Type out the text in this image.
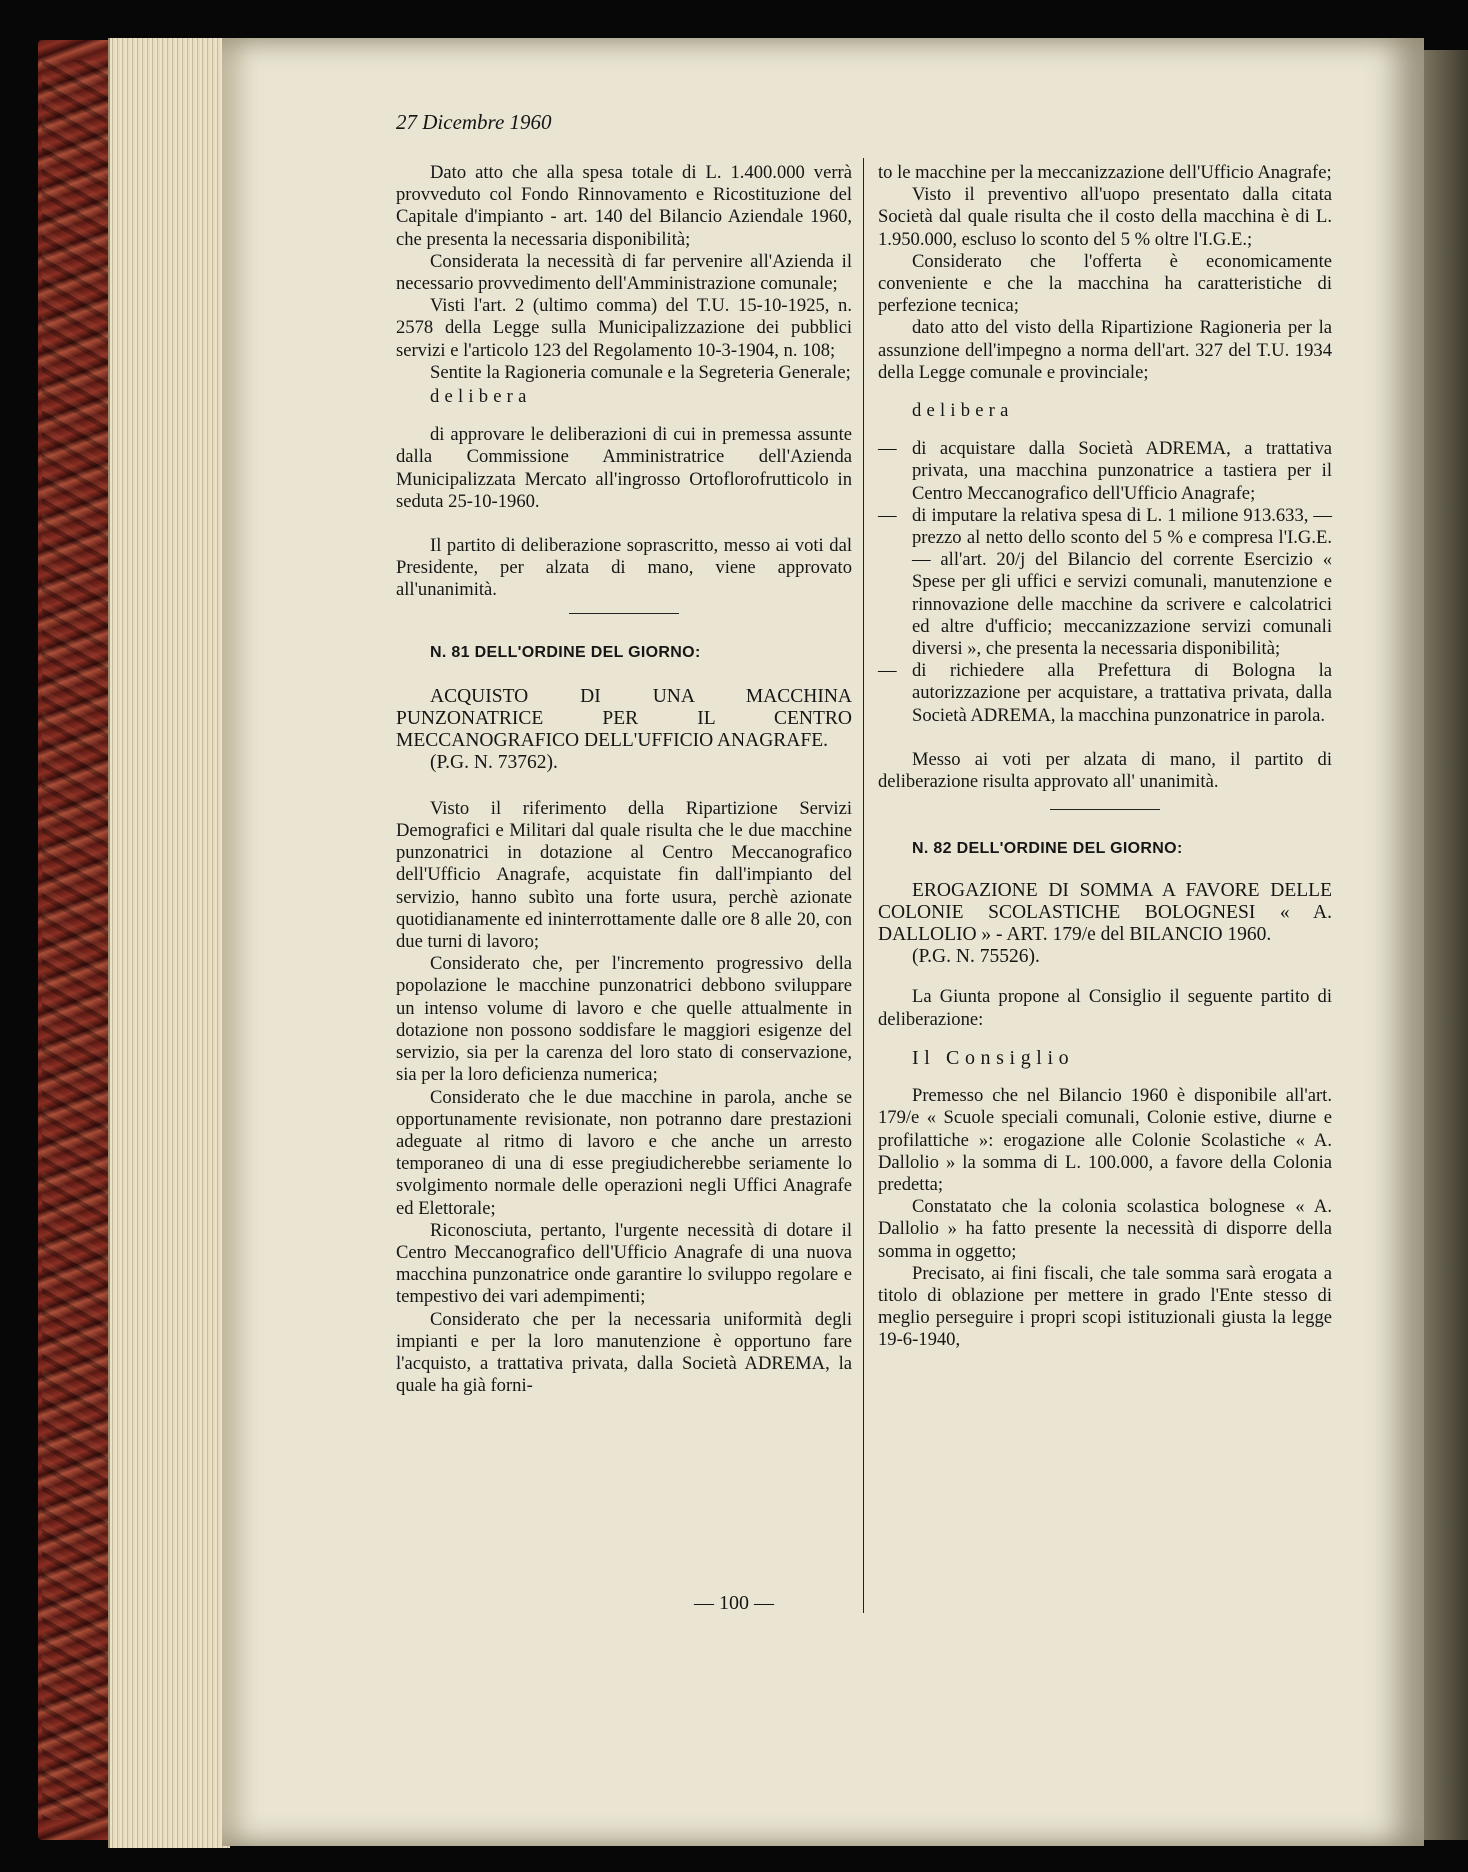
27 Dicembre 1960

Dato atto che alla spesa totale di L. 1.400.000 verrà provveduto col Fondo Rinnovamento e Ricostituzione del Capitale d'impianto - art. 140 del Bilancio Aziendale 1960, che presenta la necessaria disponibilità;

Considerata la necessità di far pervenire all'Azienda il necessario provvedimento dell'Amministrazione comunale;

Visti l'art. 2 (ultimo comma) del T.U. 15-10-1925, n. 2578 della Legge sulla Municipalizzazione dei pubblici servizi e l'articolo 123 del Regolamento 10-3-1904, n. 108;

Sentite la Ragioneria comunale e la Segreteria Generale;

delibera

di approvare le deliberazioni di cui in premessa assunte dalla Commissione Amministratrice dell'Azienda Municipalizzata Mercato all'ingrosso Ortoflorofrutticolo in seduta 25-10-1960.

Il partito di deliberazione soprascritto, messo ai voti dal Presidente, per alzata di mano, viene approvato all'unanimità.

N. 81 DELL'ORDINE DEL GIORNO:

ACQUISTO DI UNA MACCHINA PUNZONATRICE PER IL CENTRO MECCANOGRAFICO DELL'UFFICIO ANAGRAFE.

(P.G. N. 73762).

Visto il riferimento della Ripartizione Servizi Demografici e Militari dal quale risulta che le due macchine punzonatrici in dotazione al Centro Meccanografico dell'Ufficio Anagrafe, acquistate fin dall'impianto del servizio, hanno subìto una forte usura, perchè azionate quotidianamente ed ininterrottamente dalle ore 8 alle 20, con due turni di lavoro;

Considerato che, per l'incremento progressivo della popolazione le macchine punzonatrici debbono sviluppare un intenso volume di lavoro e che quelle attualmente in dotazione non possono soddisfare le maggiori esigenze del servizio, sia per la carenza del loro stato di conservazione, sia per la loro deficienza numerica;

Considerato che le due macchine in parola, anche se opportunamente revisionate, non potranno dare prestazioni adeguate al ritmo di lavoro e che anche un arresto temporaneo di una di esse pregiudicherebbe seriamente lo svolgimento normale delle operazioni negli Uffici Anagrafe ed Elettorale;

Riconosciuta, pertanto, l'urgente necessità di dotare il Centro Meccanografico dell'Ufficio Anagrafe di una nuova macchina punzonatrice onde garantire lo sviluppo regolare e tempestivo dei vari adempimenti;

Considerato che per la necessaria uniformità degli impianti e per la loro manutenzione è opportuno fare l'acquisto, a trattativa privata, dalla Società ADREMA, la quale ha già forni-

to le macchine per la meccanizzazione dell'Ufficio Anagrafe;

Visto il preventivo all'uopo presentato dalla citata Società dal quale risulta che il costo della macchina è di L. 1.950.000, escluso lo sconto del 5 % oltre l'I.G.E.;

Considerato che l'offerta è economicamente conveniente e che la macchina ha caratteristiche di perfezione tecnica;

dato atto del visto della Ripartizione Ragioneria per la assunzione dell'impegno a norma dell'art. 327 del T.U. 1934 della Legge comunale e provinciale;

delibera

— di acquistare dalla Società ADREMA, a trattativa privata, una macchina punzonatrice a tastiera per il Centro Meccanografico dell'Ufficio Anagrafe;
— di imputare la relativa spesa di L. 1 milione 913.633, — prezzo al netto dello sconto del 5 % e compresa l'I.G.E. — all'art. 20/j del Bilancio del corrente Esercizio « Spese per gli uffici e servizi comunali, manutenzione e rinnovazione delle macchine da scrivere e calcolatrici ed altre d'ufficio; meccanizzazione servizi comunali diversi », che presenta la necessaria disponibilità;
— di richiedere alla Prefettura di Bologna la autorizzazione per acquistare, a trattativa privata, dalla Società ADREMA, la macchina punzonatrice in parola.

Messo ai voti per alzata di mano, il partito di deliberazione risulta approvato all' unanimità.

N. 82 DELL'ORDINE DEL GIORNO:

EROGAZIONE DI SOMMA A FAVORE DELLE COLONIE SCOLASTICHE BOLOGNESI « A. DALLOLIO » - ART. 179/e del BILANCIO 1960.

(P.G. N. 75526).

La Giunta propone al Consiglio il seguente partito di deliberazione:

Il Consiglio

Premesso che nel Bilancio 1960 è disponibile all'art. 179/e « Scuole speciali comunali, Colonie estive, diurne e profilattiche »: erogazione alle Colonie Scolastiche « A. Dallolio » la somma di L. 100.000, a favore della Colonia predetta;

Constatato che la colonia scolastica bolognese « A. Dallolio » ha fatto presente la necessità di disporre della somma in oggetto;

Precisato, ai fini fiscali, che tale somma sarà erogata a titolo di oblazione per mettere in grado l'Ente stesso di meglio perseguire i propri scopi istituzionali giusta la legge 19-6-1940,

— 100 —
